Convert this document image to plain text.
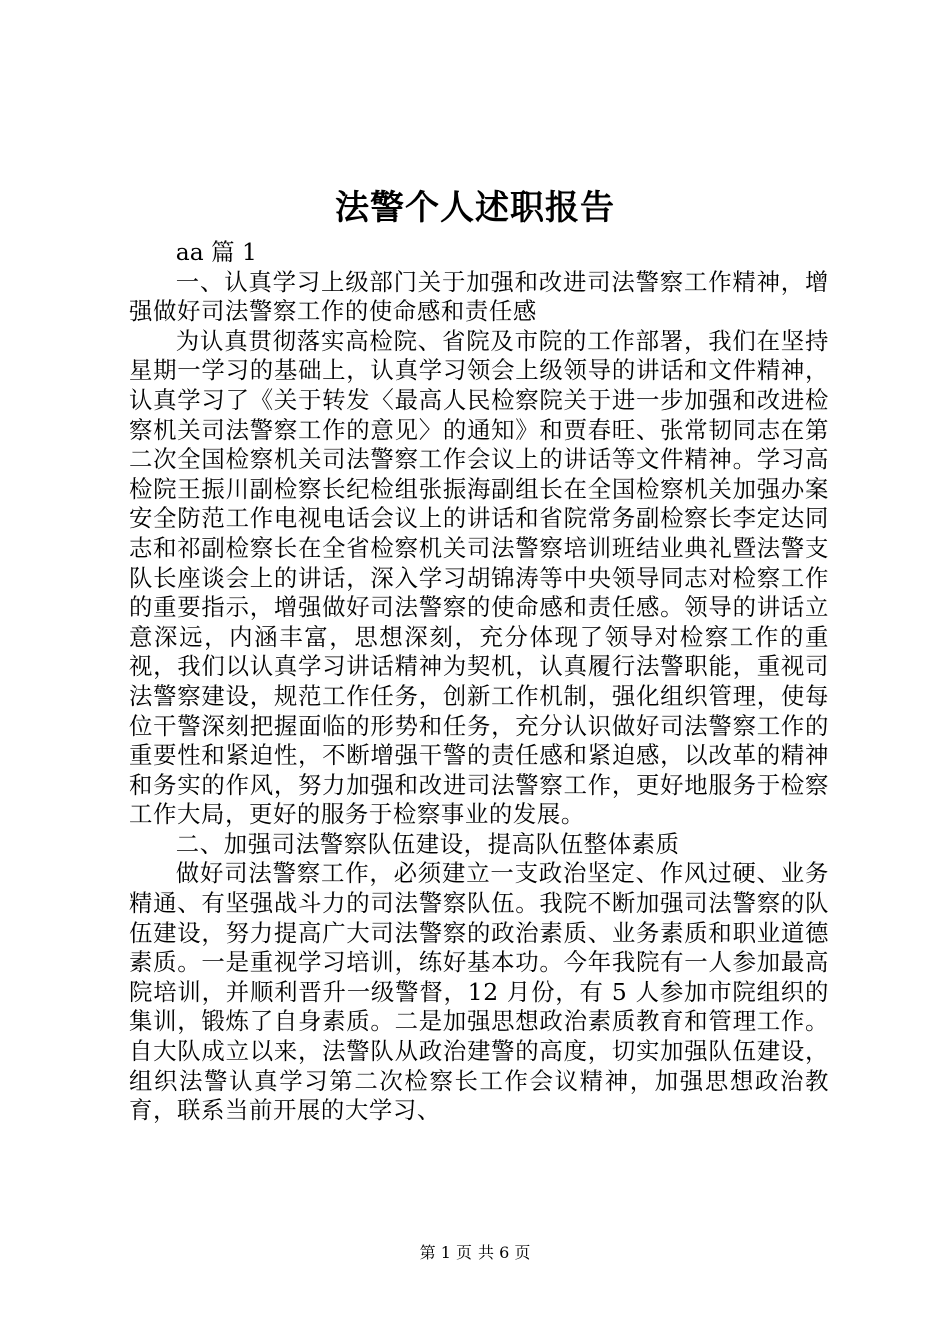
法警个人述职报告

aa 篇 1

一、认真学习上级部门关于加强和改进司法警察工作精神，增强做好司法警察工作的使命感和责任感

为认真贯彻落实高检院、省院及市院的工作部署，我们在坚持星期一学习的基础上，认真学习领会上级领导的讲话和文件精神，认真学习了《关于转发〈最高人民检察院关于进一步加强和改进检察机关司法警察工作的意见〉的通知》和贾春旺、张常韧同志在第二次全国检察机关司法警察工作会议上的讲话等文件精神。学习高检院王振川副检察长纪检组张振海副组长在全国检察机关加强办案安全防范工作电视电话会议上的讲话和省院常务副检察长李定达同志和祁副检察长在全省检察机关司法警察培训班结业典礼暨法警支队长座谈会上的讲话，深入学习胡锦涛等中央领导同志对检察工作的重要指示，增强做好司法警察的使命感和责任感。领导的讲话立意深远，内涵丰富，思想深刻，充分体现了领导对检察工作的重视，我们以认真学习讲话精神为契机，认真履行法警职能，重视司法警察建设，规范工作任务，创新工作机制，强化组织管理，使每位干警深刻把握面临的形势和任务，充分认识做好司法警察工作的重要性和紧迫性，不断增强干警的责任感和紧迫感，以改革的精神和务实的作风，努力加强和改进司法警察工作，更好地服务于检察工作大局，更好的服务于检察事业的发展。

二、加强司法警察队伍建设，提高队伍整体素质

做好司法警察工作，必须建立一支政治坚定、作风过硬、业务精通、有坚强战斗力的司法警察队伍。我院不断加强司法警察的队伍建设，努力提高广大司法警察的政治素质、业务素质和职业道德素质。一是重视学习培训，练好基本功。今年我院有一人参加最高院培训，并顺利晋升一级警督，12 月份，有 5 人参加市院组织的集训，锻炼了自身素质。二是加强思想政治素质教育和管理工作。自大队成立以来，法警队从政治建警的高度，切实加强队伍建设，组织法警认真学习第二次检察长工作会议精神，加强思想政治教育，联系当前开展的大学习、

第 1 页 共 6 页
